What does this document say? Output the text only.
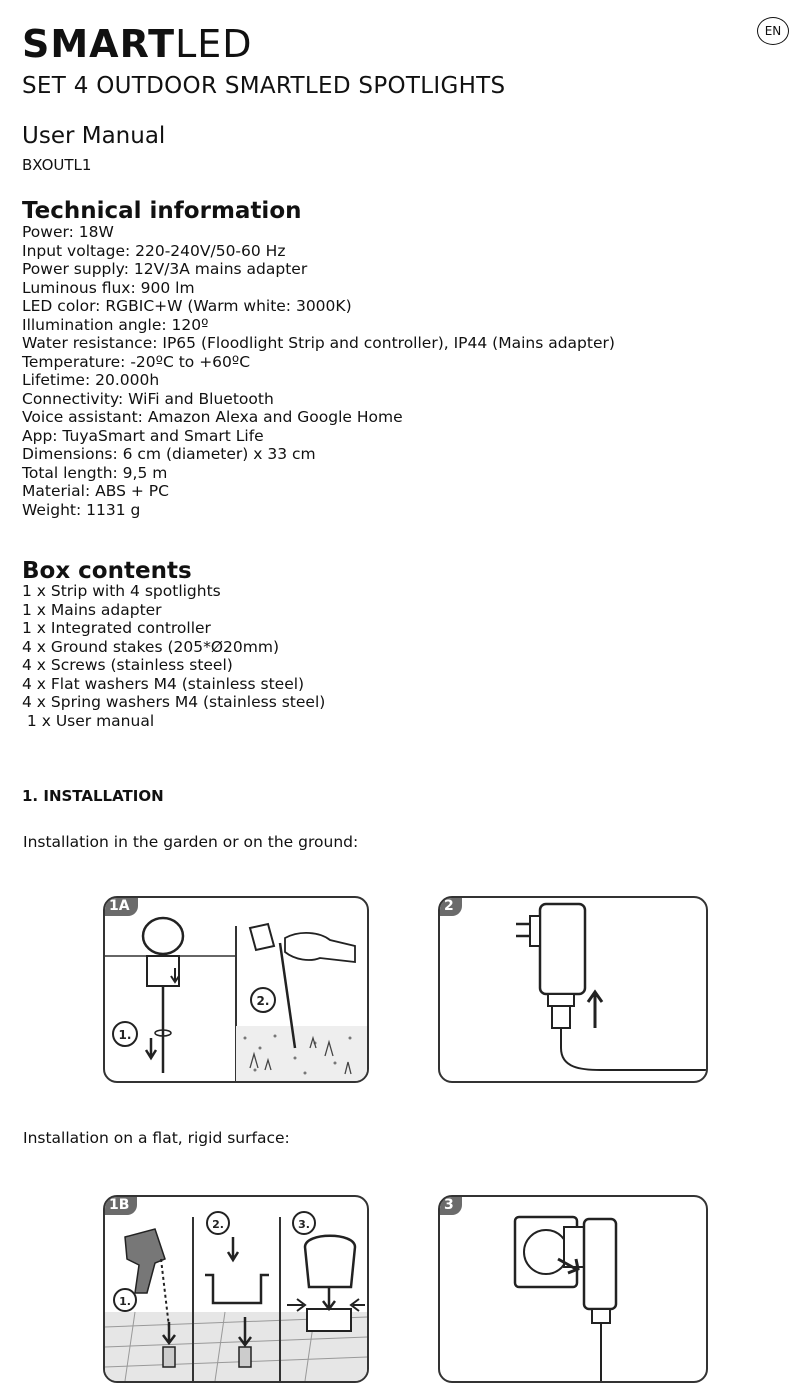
SMARTLED	EN
SET 4 OUTDOOR SMARTLED SPOTLIGHTS
User Manual
BXOUTL1
Technical information
Power: 18W
Input voltage: 220-240V/50-60 Hz
Power supply: 12V/3A mains adapter
Luminous flux: 900 lm
LED color: RGBIC+W (Warm white: 3000K)
Illumination angle: 120º
Water resistance: IP65 (Floodlight Strip and controller), IP44 (Mains adapter)
Temperature: -20ºC to +60ºC
Lifetime: 20.000h
Connectivity: WiFi and Bluetooth
Voice assistant: Amazon Alexa and Google Home
App: TuyaSmart and Smart Life
Dimensions: 6 cm (diameter) x 33 cm
Total length: 9,5 m
Material: ABS + PC
Weight: 1131 g
Box contents
1 x Strip with 4 spotlights
1 x Mains adapter
1 x Integrated controller
4 x Ground stakes (205*Ø20mm)
4 x Screws (stainless steel)
4 x Flat washers M4 (stainless steel)
4 x Spring washers M4 (stainless steel)
1 x User manual
1. INSTALLATION
Installation in the garden or on the ground:
Installation on a flat, rigid surface:
1A
1.
2.
2
1B
1.
2.	3.
3
